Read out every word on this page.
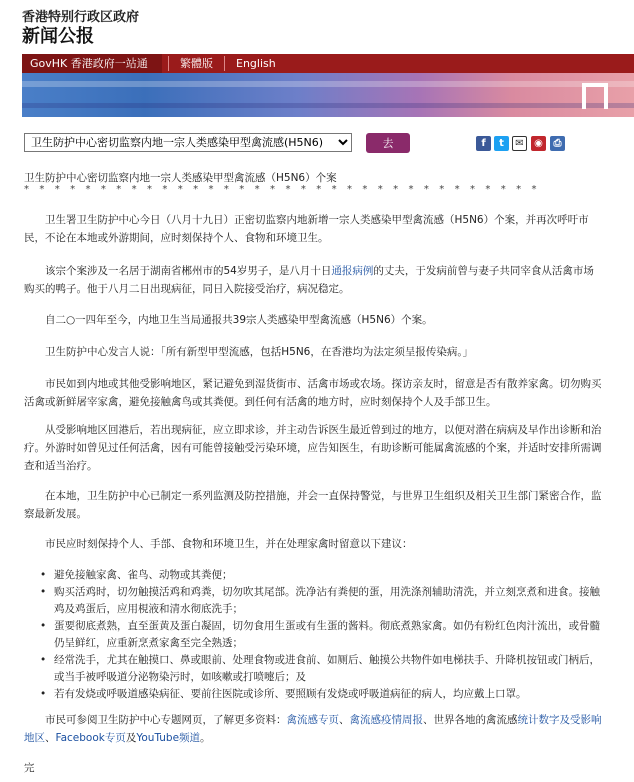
香港特别行政区政府
新闻公报
GovHK 香港政府一站通	繁體版 English
卫生防护中心密切监察内地一宗人类感染甲型禽流感(H5N6)
去	f	t	✉	◉	⎙
卫生防护中心密切监察内地一宗人类感染甲型禽流感（H5N6）个案
* * * * * * * * * * * * * * * * * * * * * * * * * * * * * * * * * *

卫生署卫生防护中心今日（八月十九日）正密切监察内地新增一宗人类感染甲型禽流感（H5N6）个案，并再次呼吁市民，不论在本地或外游期间，应时刻保持个人、食物和环境卫生。

该宗个案涉及一名居于湖南省郴州市的54岁男子，是八月十日通报病例的丈夫，于发病前曾与妻子共同宰食从活禽市场购买的鸭子。他于八月二日出现病征，同日入院接受治疗，病况稳定。

自二○一四年至今，内地卫生当局通报共39宗人类感染甲型禽流感（H5N6）个案。

卫生防护中心发言人说：「所有新型甲型流感，包括H5N6，在香港均为法定须呈报传染病。」

市民如到内地或其他受影响地区，紧记避免到湿货街市、活禽市场或农场。探访亲友时，留意是否有散养家禽。切勿购买活禽或新鲜屠宰家禽，避免接触禽鸟或其粪便。到任何有活禽的地方时，应时刻保持个人及手部卫生。

从受影响地区回港后，若出现病征，应立即求诊，并主动告诉医生最近曾到过的地方，以便对潜在病病及早作出诊断和治疗。外游时如曾见过任何活禽，因有可能曾接触受污染环境，应告知医生，有助诊断可能属禽流感的个案，并适时安排所需调查和适当治疗。

在本地，卫生防护中心已制定一系列监测及防控措施，并会一直保持警觉，与世界卫生组织及相关卫生部门紧密合作，监察最新发展。

市民应时刻保持个人、手部、食物和环境卫生，并在处理家禽时留意以下建议：

• 避免接触家禽、雀鸟、动物或其粪便；
• 购买活鸡时，切勿触摸活鸡和鸡粪，切勿吹其尾部。洗净沾有粪便的蛋，用洗涤剂辅助清洗，并立刻烹煮和进食。接触鸡及鸡蛋后，应用梘液和清水彻底洗手；
• 蛋要彻底煮熟，直至蛋黄及蛋白凝固，切勿食用生蛋或有生蛋的酱料。彻底煮熟家禽。如仍有粉红色肉汁流出，或骨髓仍呈鲜红，应重新烹煮家禽至完全熟透；
• 经常洗手，尤其在触摸口、鼻或眼前、处理食物或进食前、如厕后、触摸公共物件如电梯扶手、升降机按钮或门柄后，或当手被呼吸道分泌物染污时，如咳嗽或打喷嚏后；及
• 若有发烧或呼吸道感染病征、要前往医院或诊所、要照顾有发烧或呼吸道病征的病人，均应戴上口罩。

市民可参阅卫生防护中心专题网页，了解更多资料：禽流感专页、禽流感疫情周报、世界各地的禽流感统计数字及受影响地区、Facebook专页及YouTube频道。

完
